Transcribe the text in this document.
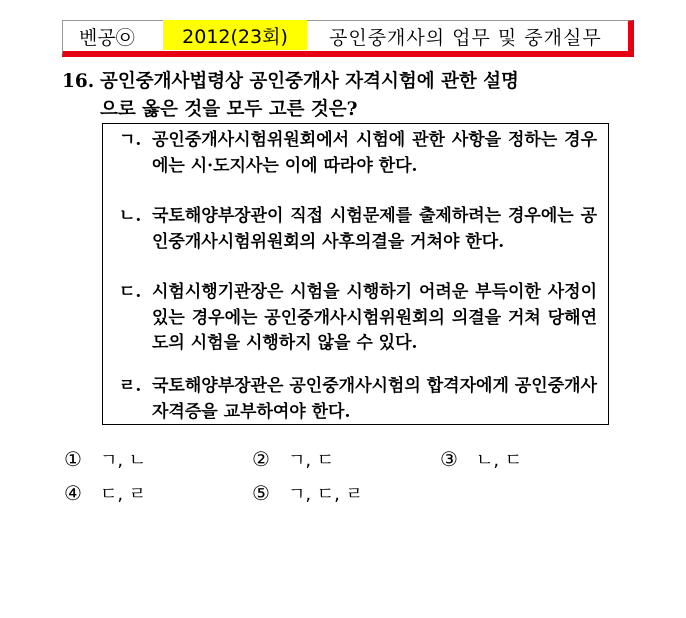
벤공㉧	2012(23회)	공인중개사의 업무 및 중개실무
16. 공인중개사법령상 공인중개사 자격시험에 관한 설명
으로 옳은 것을 모두 고른 것은?
ㄱ. 공인중개사시험위원회에서 시험에 관한 사항을 정하는 경우에는 시·도지사는 이에 따라야 한다.
ㄴ. 국토해양부장관이 직접 시험문제를 출제하려는 경우에는 공인중개사시험위원회의 사후의결을 거쳐야 한다.
ㄷ. 시험시행기관장은 시험을 시행하기 어려운 부득이한 사정이 있는 경우에는 공인중개사시험위원회의 의결을 거쳐 당해연도의 시험을 시행하지 않을 수 있다.
ㄹ. 국토해양부장관은 공인중개사시험의 합격자에게 공인중개사자격증을 교부하여야 한다.
① ㄱ, ㄴ	② ㄱ, ㄷ	③ ㄴ, ㄷ
④ ㄷ, ㄹ	⑤ ㄱ, ㄷ, ㄹ
